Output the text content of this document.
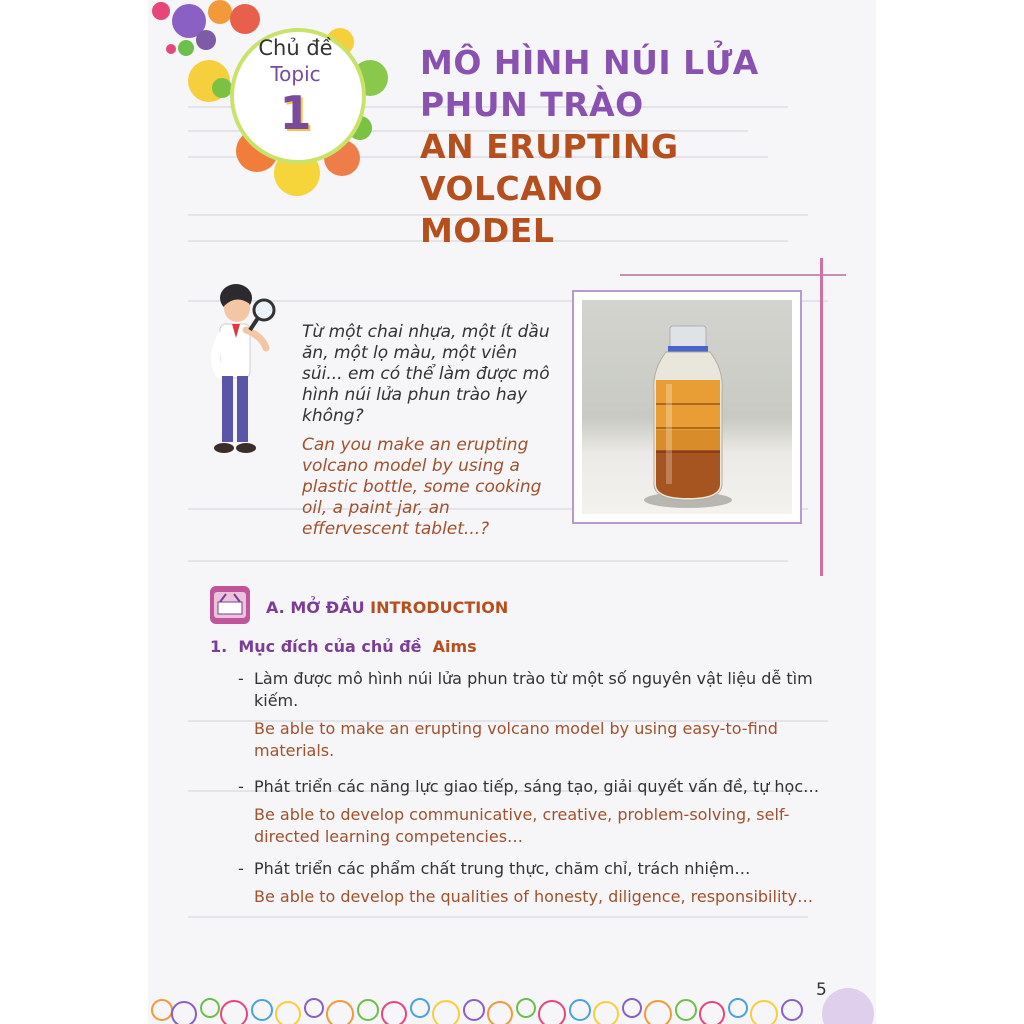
Chủ đề
Topic
1
MÔ HÌNH NÚI LỬA
PHUN TRÀO
AN ERUPTING VOLCANO
MODEL
Từ một chai nhựa, một ít dầu ăn, một lọ màu, một viên sủi... em có thể làm được mô hình núi lửa phun trào hay không?
Can you make an erupting volcano model by using a plastic bottle, some cooking oil, a paint jar, an effervescent tablet...?
A. MỞ ĐẦU INTRODUCTION
1. Mục đích của chủ đề Aims
- Làm được mô hình núi lửa phun trào từ một số nguyên vật liệu dễ tìm kiếm.
Be able to make an erupting volcano model by using easy-to-find materials.
- Phát triển các năng lực giao tiếp, sáng tạo, giải quyết vấn đề, tự học…
Be able to develop communicative, creative, problem-solving, self-directed learning competencies…
- Phát triển các phẩm chất trung thực, chăm chỉ, trách nhiệm…
Be able to develop the qualities of honesty, diligence, responsibility…
5
